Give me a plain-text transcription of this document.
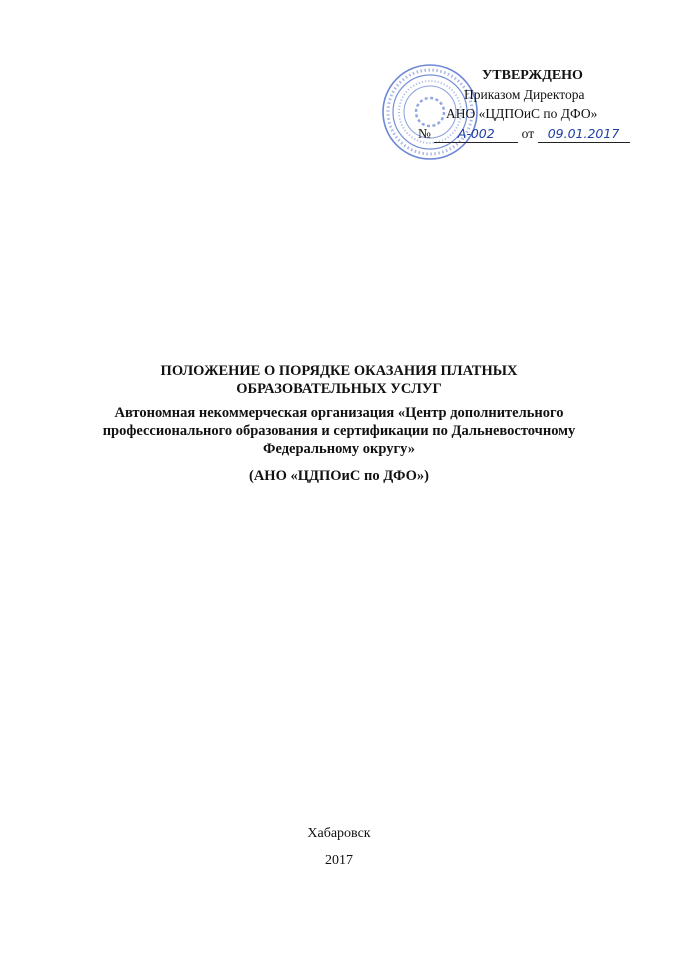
УТВЕРЖДЕНО
Приказом Директора
АНО «ЦДПОиС по ДФО»
№ А-002 от 09.01.2017

ПОЛОЖЕНИЕ О ПОРЯДКЕ ОКАЗАНИЯ ПЛАТНЫХ
ОБРАЗОВАТЕЛЬНЫХ УСЛУГ

Автономная некоммерческая организация «Центр дополнительного
профессионального образования и сертификации по Дальневосточному
Федеральному округу»

(АНО «ЦДПОиС по ДФО»)

Хабаровск
2017
